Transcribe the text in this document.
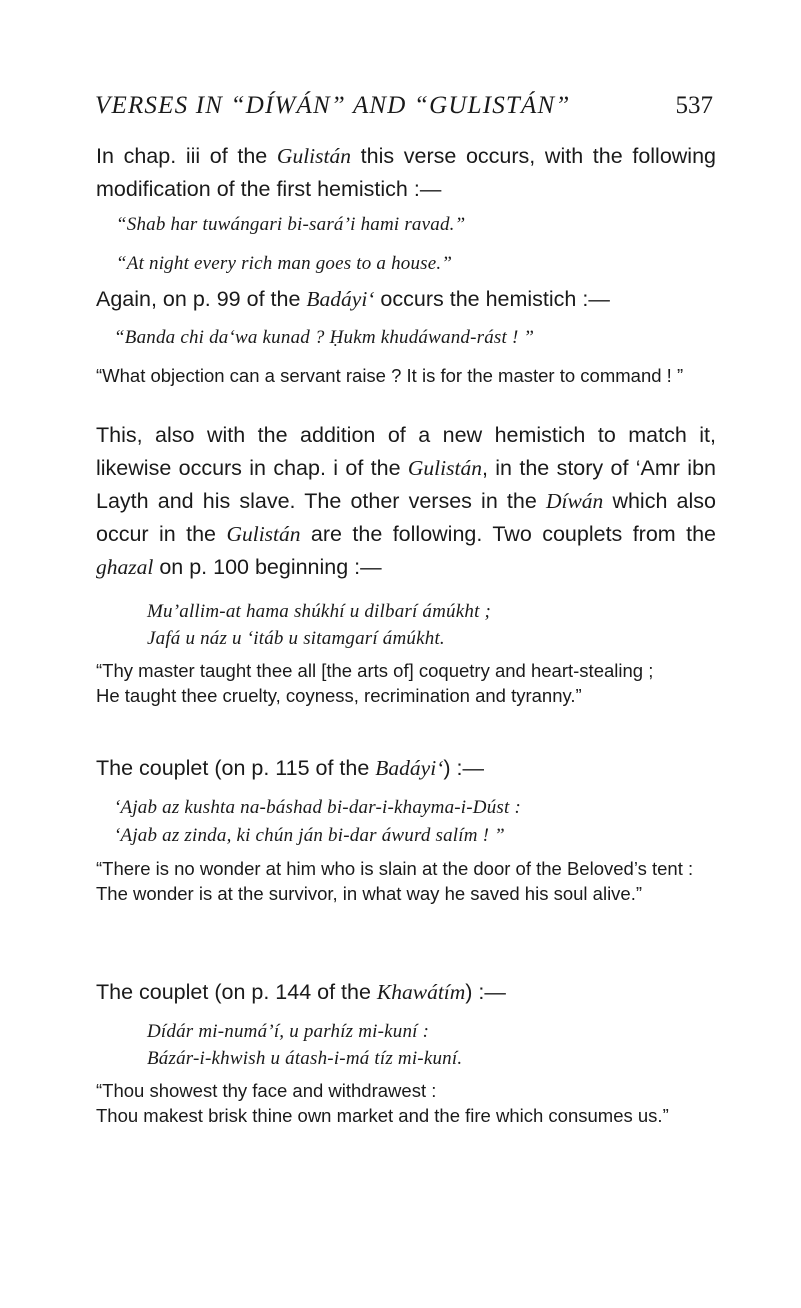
VERSES IN “DÍWÁN” AND “GULISTÁN”	537
In chap. iii of the Gulistán this verse occurs, with the following modification of the first hemistich :—
“Shab har tuwángari bi-sará’i hami ravad.”
“At night every rich man goes to a house.”
Again, on p. 99 of the Badáyi‘ occurs the hemistich :—
“Banda chi da‘wa kunad ? Ḥukm khudáwand-rást ! ”

“What objection can a servant raise ? It is for the master to command ! ”

This, also with the addition of a new hemistich to match it, likewise occurs in chap. i of the Gulistán, in the story of ‘Amr ibn Layth and his slave. The other verses in the Díwán which also occur in the Gulistán are the following. Two couplets from the ghazal on p. 100 beginning :—
Mu’allim-at hama shúkhí u dilbarí ámúkht ;
Jafá u náz u ‘itáb u sitamgarí ámúkht.

“Thy master taught thee all [the arts of] coquetry and heart-stealing ;

He taught thee cruelty, coyness, recrimination and tyranny.”

The couplet (on p. 115 of the Badáyi‘) :—
‘Ajab az kushta na-báshad bi-dar-i-khayma-i-Dúst :
‘Ajab az zinda, ki chún ján bi-dar áwurd salím ! ”

“There is no wonder at him who is slain at the door of the Beloved’s tent :

The wonder is at the survivor, in what way he saved his soul alive.”

The couplet (on p. 144 of the Khawátím) :—
Dídár mi-numá’í, u parhíz mi-kuní :
Bázár-i-khwish u átash-i-má tíz mi-kuní.

“Thou showest thy face and withdrawest :

Thou makest brisk thine own market and the fire which consumes us.”
